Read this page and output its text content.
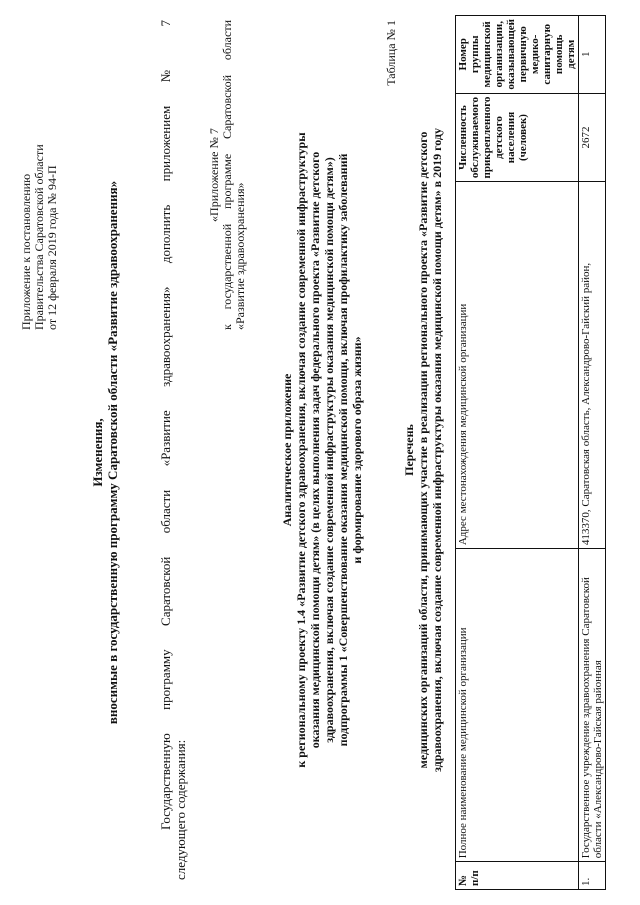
Приложение к постановлению Правительства Саратовской области от 12 февраля 2019 года № 94-П
Изменения, вносимые в государственную программу Саратовской области «Развитие здравоохранения»	Государственную программу Саратовской области «Развитие здравоохранения» дополнить приложением № 7 следующего содержания:
«Приложение № 7 к государственной программе Саратовской области «Развитие здравоохранения»
Аналитическое приложение к региональному проекту 1.4 «Развитие детского здравоохранения, включая создание современной инфраструктуры оказания медицинской помощи детям» (в целях выполнения задач федерального проекта «Развитие детского здравоохранения, включая создание современной инфраструктуры оказания медицинской помощи детям») подпрограммы 1 «Совершенствование оказания медицинской помощи, включая профилактику заболеваний и формирование здорового образа жизни»
Таблица № 1
Перечень медицинских организаций области, принимающих участие в реализации регионального проекта «Развитие детского здравоохранения, включая создание современной инфраструктуры оказания медицинской помощи детям» в 2019 году
№ п/п	Полное наименование медицинской организации	Адрес местонахождения медицинской организации	Численность обслуживаемого прикрепленного детского населения (человек)	Номер группы медицинской организации, оказывающей первичную медико-санитарную помощь детям
1.	Государственное учреждение здравоохранения Саратовской области «Александрово-Гайская районная	413370, Саратовская область, Александрово-Гайский район,	2672	1
